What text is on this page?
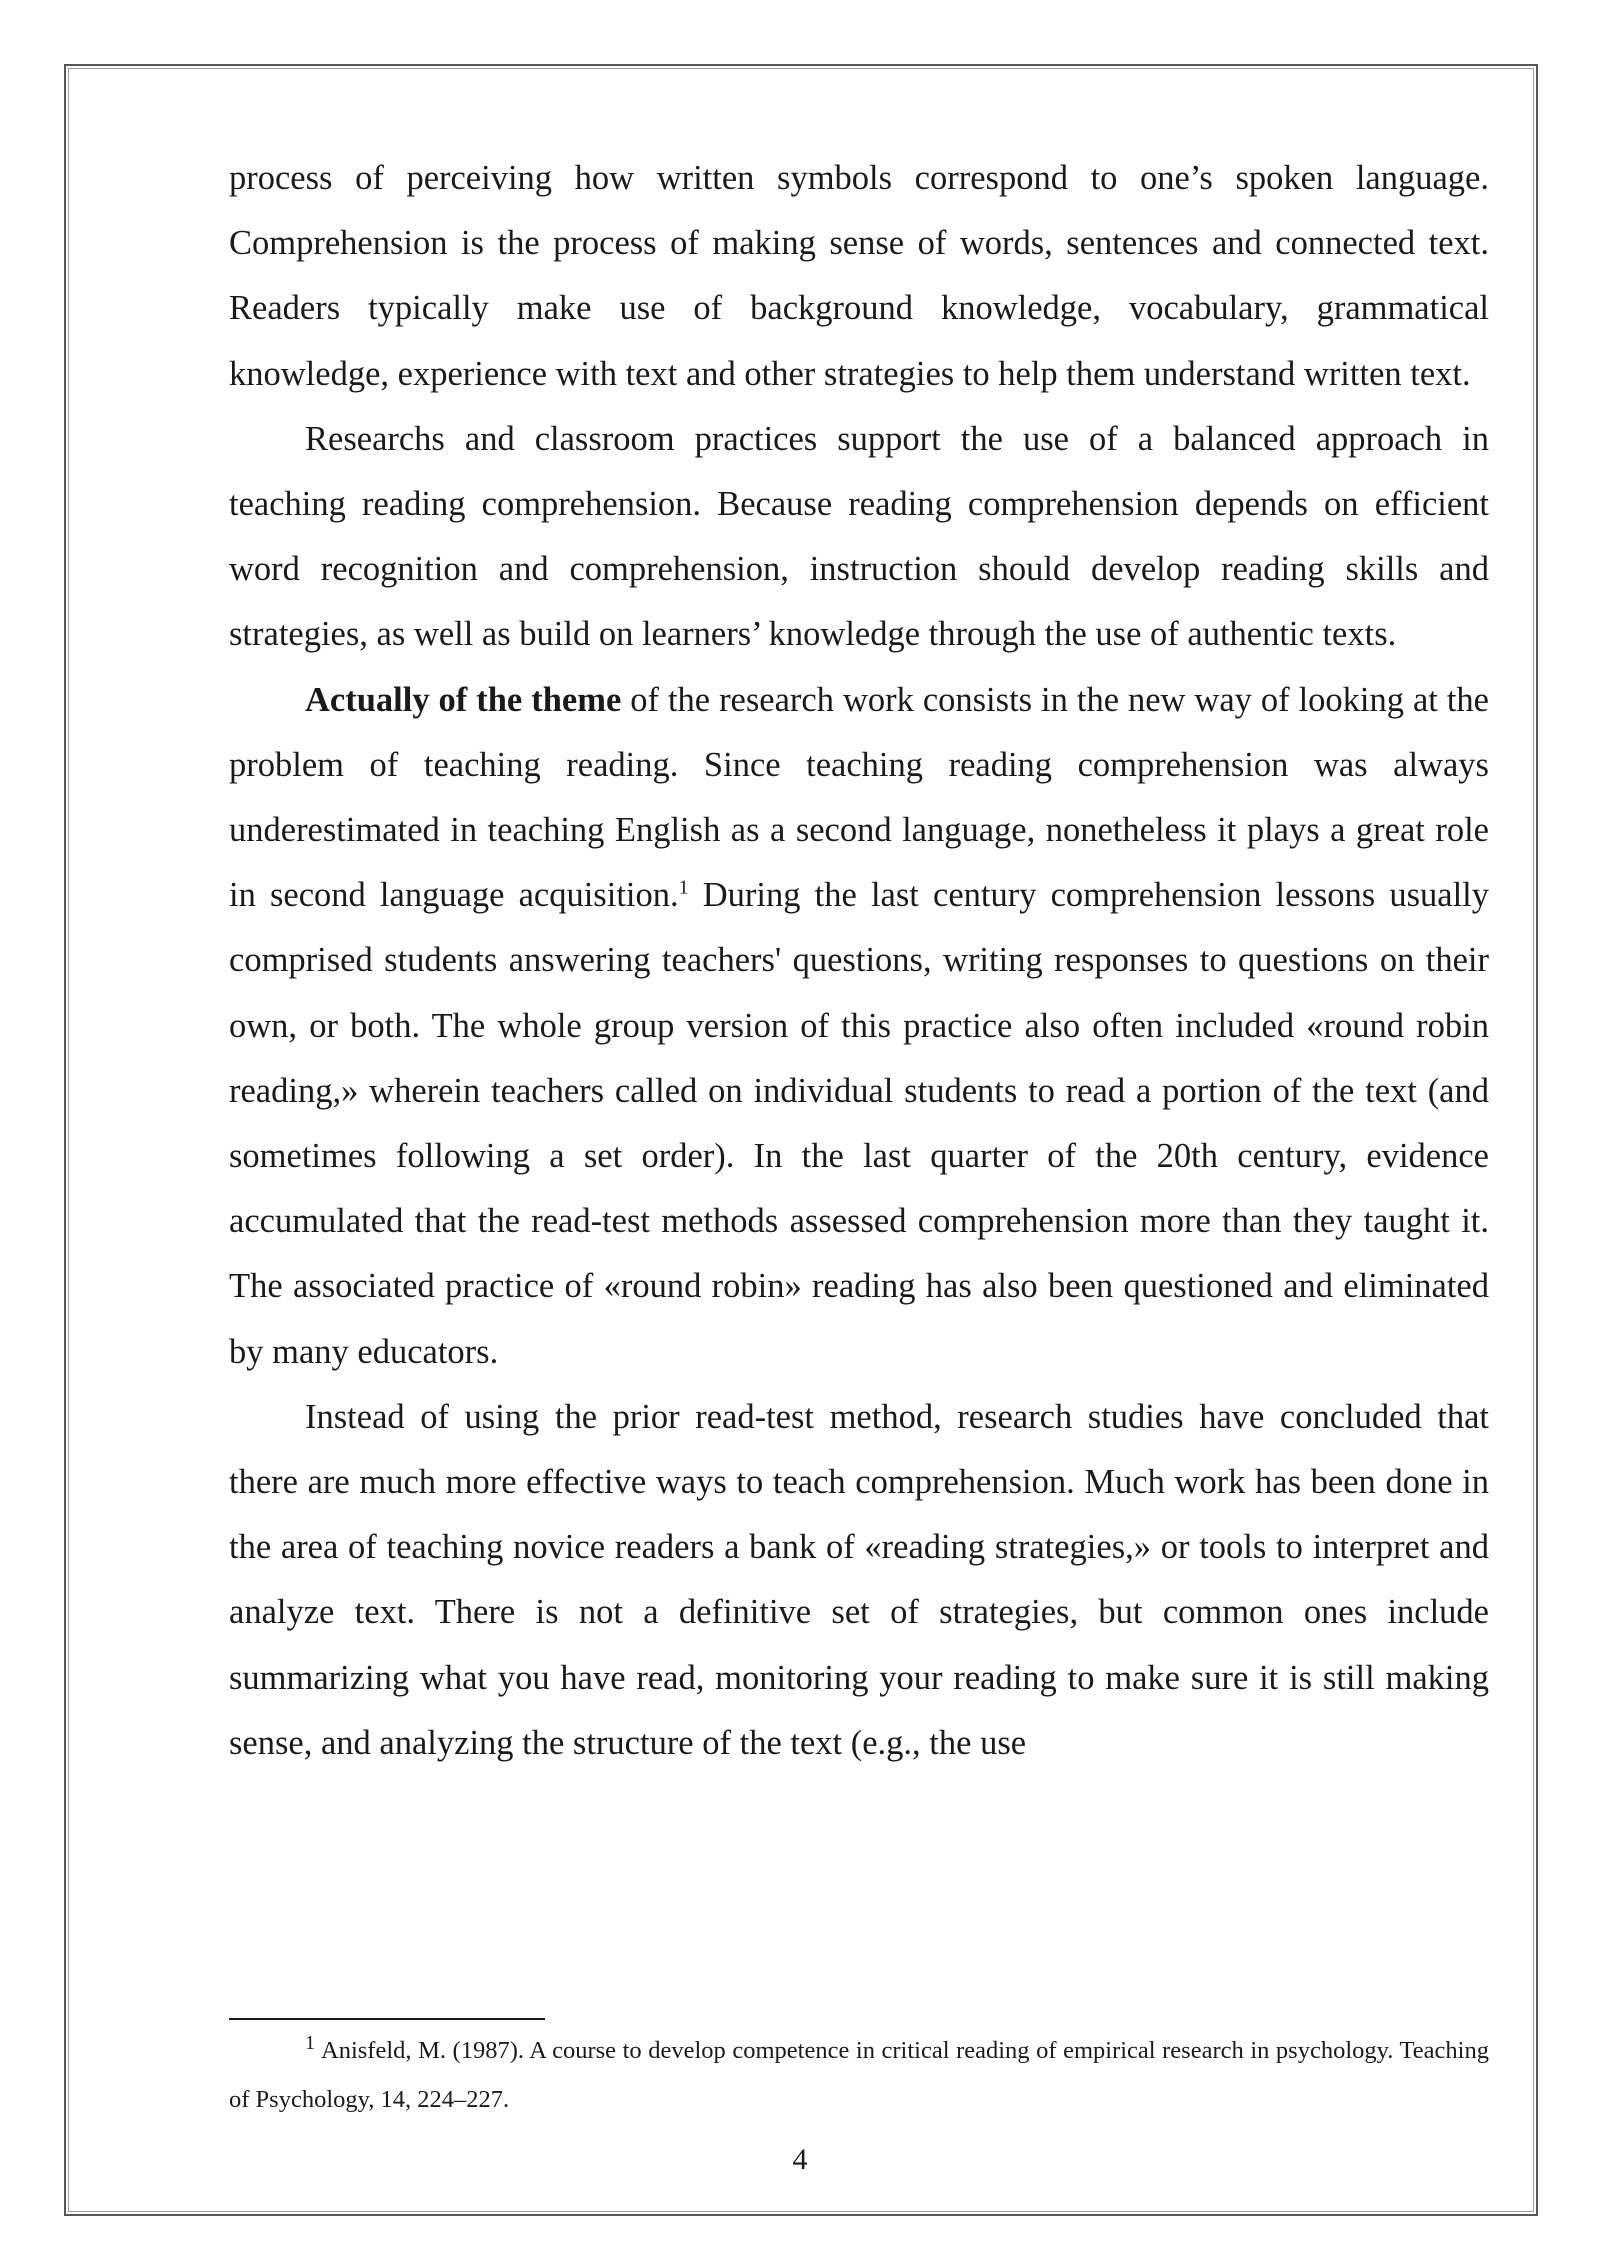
process of perceiving how written symbols correspond to one’s spoken language. Comprehension is the process of making sense of words, sentences and connected text. Readers typically make use of background knowledge, vocabulary, grammatical knowledge, experience with text and other strategies to help them understand written text.

Researchs and classroom practices support the use of a balanced approach in teaching reading comprehension. Because reading comprehension depends on efficient word recognition and comprehension, instruction should develop reading skills and strategies, as well as build on learners’ knowledge through the use of authentic texts.

Actually of the theme of the research work consists in the new way of looking at the problem of teaching reading. Since teaching reading comprehension was always underestimated in teaching English as a second language, nonetheless it plays a great role in second language acquisition.$^1$ During the last century comprehension lessons usually comprised students answering teachers' questions, writing responses to questions on their own, or both. The whole group version of this practice also often included «round robin reading,» wherein teachers called on individual students to read a portion of the text (and sometimes following a set order). In the last quarter of the 20th century, evidence accumulated that the read-test methods assessed comprehension more than they taught it. The associated practice of «round robin» reading has also been questioned and eliminated by many educators.

Instead of using the prior read-test method, research studies have concluded that there are much more effective ways to teach comprehension. Much work has been done in the area of teaching novice readers a bank of «reading strategies,» or tools to interpret and analyze text. There is not a definitive set of strategies, but common ones include summarizing what you have read, monitoring your reading to make sure it is still making sense, and analyzing the structure of the text (e.g., the use

$^1$ Anisfeld, M. (1987). A course to develop competence in critical reading of empirical research in psychology. Teaching of Psychology, 14, 224–227.

4
